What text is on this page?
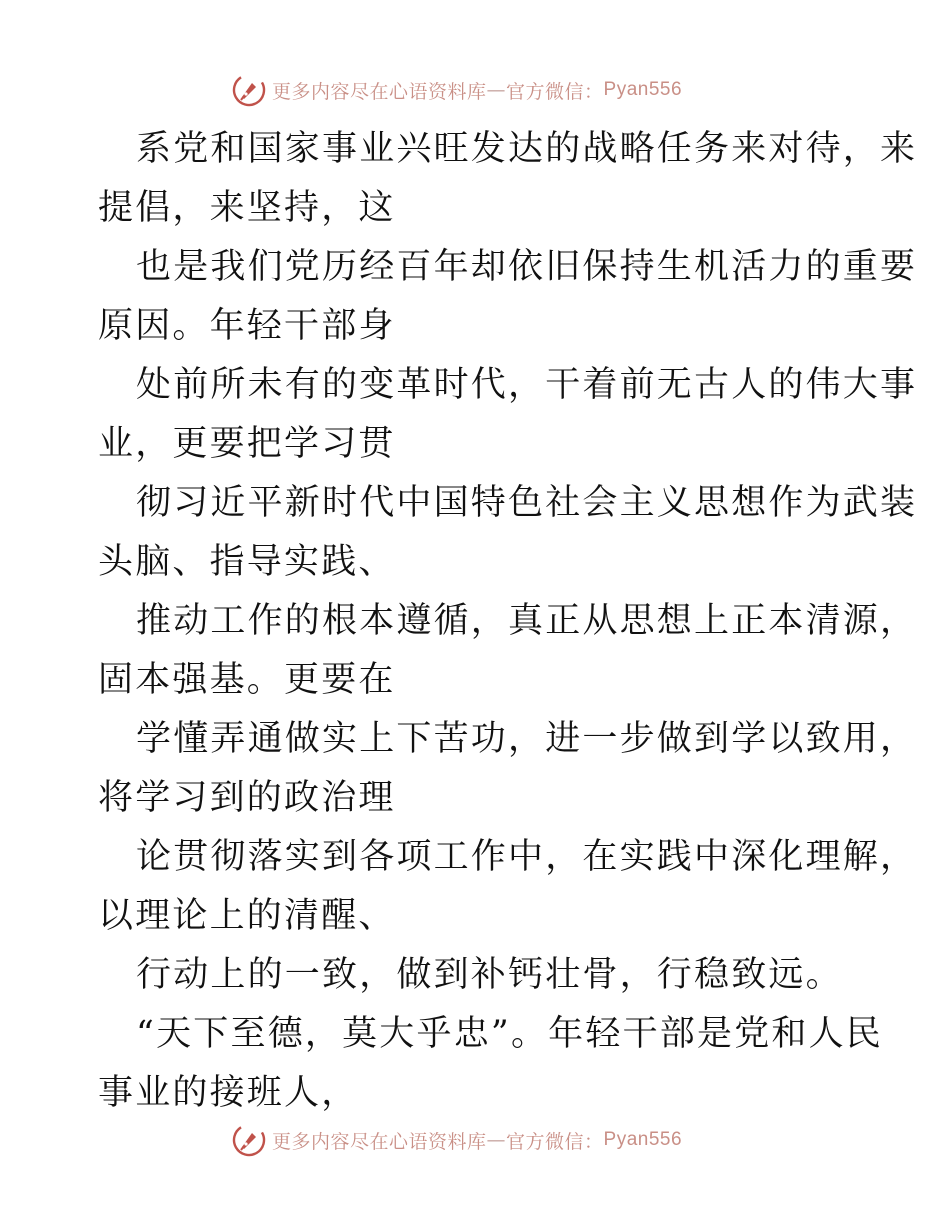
更多内容尽在心语资料库 — 官方微信： Pyan556

系党和国家事业兴旺发达的战略任务来对待，来

提倡，来坚持，这

也是我们党历经百年却依旧保持生机活力的重要

原因。年轻干部身

处前所未有的变革时代，干着前无古人的伟大事

业，更要把学习贯

彻习近平新时代中国特色社会主义思想作为武装

头脑、指导实践、

推动工作的根本遵循，真正从思想上正本清源，

固本强基。更要在

学懂弄通做实上下苦功，进一步做到学以致用，

将学习到的政治理

论贯彻落实到各项工作中，在实践中深化理解，

以理论上的清醒、

行动上的一致，做到补钙壮骨，行稳致远。

“天下至德，莫大乎忠”。年轻干部是党和人民

事业的接班人，

更多内容尽在心语资料库 — 官方微信： Pyan556
